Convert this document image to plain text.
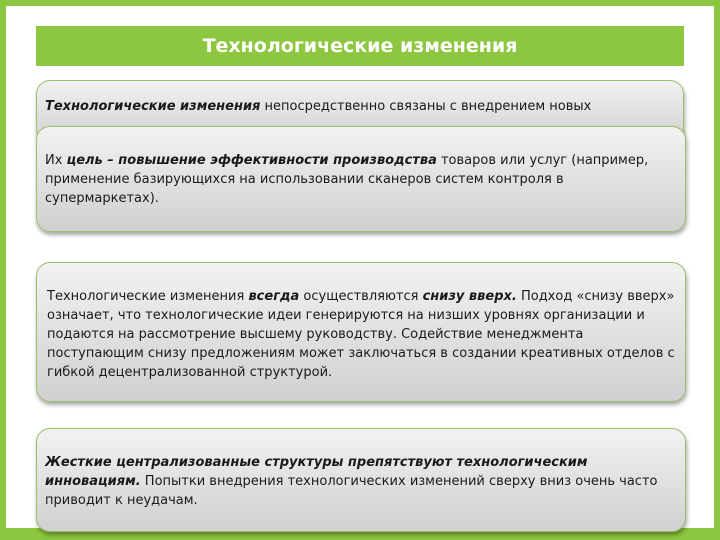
Технологические изменения
Технологические изменения непосредственно связаны с внедрением новых
Их цель – повышение эффективности производства товаров или услуг (например, применение базирующихся на использовании сканеров систем контроля в супермаркетах).
Технологические изменения всегда осуществляются снизу вверх. Подход «снизу вверх» означает, что технологические идеи генерируются на низших уровнях организации и подаются на рассмотрение высшему руководству. Содействие менеджмента поступающим снизу предложениям может заключаться в создании креативных отделов с гибкой децентрализованной структурой.
Жесткие централизованные структуры препятствуют технологическим инновациям. Попытки внедрения технологических изменений сверху вниз очень часто приводит к неудачам.
